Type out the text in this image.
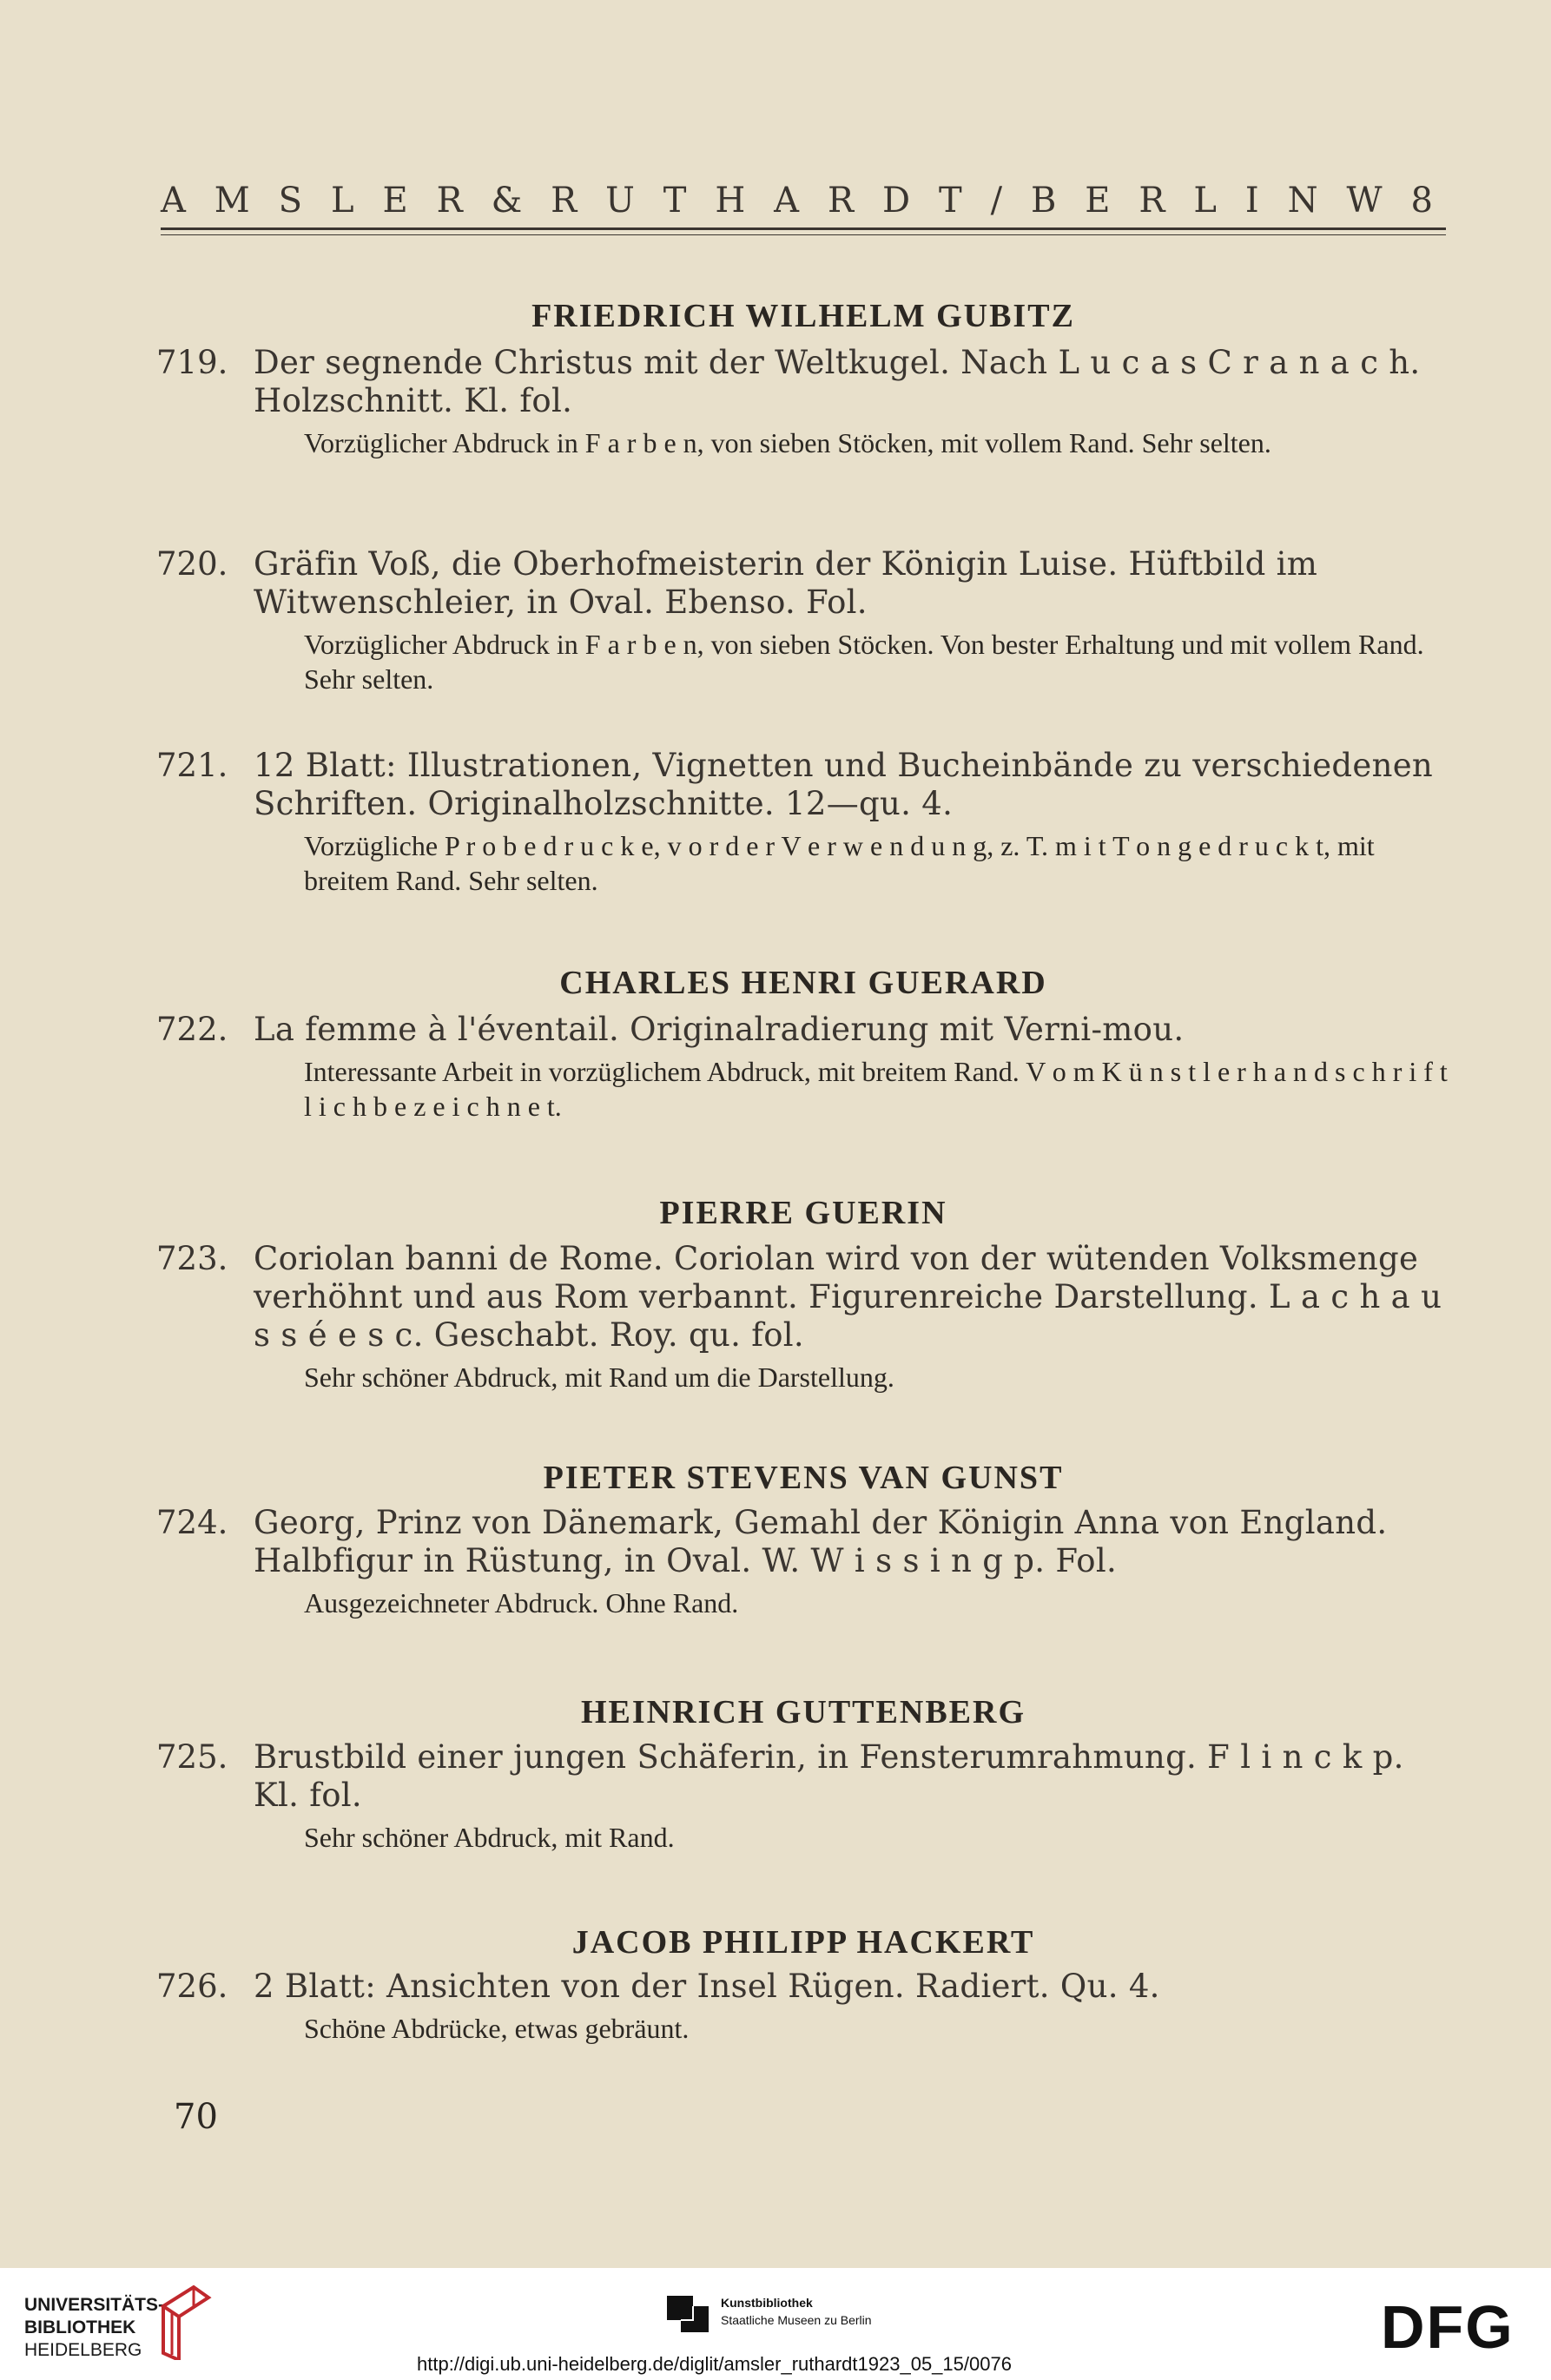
A M S L E R & R U T H A R D T / B E R L I N W 8
FRIEDRICH WILHELM GUBITZ
719. Der segnende Christus mit der Weltkugel. Nach L u c a s C r a n a c h. Holzschnitt. Kl. fol.
Vorzüglicher Abdruck in F a r b e n, von sieben Stöcken, mit vollem Rand. Sehr selten.
720. Gräfin Voß, die Oberhofmeisterin der Königin Luise. Hüftbild im Witwenschleier, in Oval. Ebenso. Fol.
Vorzüglicher Abdruck in F a r b e n, von sieben Stöcken. Von bester Erhaltung und mit vollem Rand. Sehr selten.
721. 12 Blatt: Illustrationen, Vignetten und Bucheinbände zu verschiedenen Schriften. Originalholzschnitte. 12—qu. 4.
Vorzügliche P r o b e d r u c k e, v o r d e r V e r w e n d u n g, z. T. m i t T o n g e d r u c k t, mit breitem Rand. Sehr selten.
CHARLES HENRI GUERARD
722. La femme à l'éventail. Originalradierung mit Verni-mou.
Interessante Arbeit in vorzüglichem Abdruck, mit breitem Rand. V o m K ü n s t l e r h a n d s c h r i f t l i c h b e z e i c h n e t.
PIERRE GUERIN
723. Coriolan banni de Rome. Coriolan wird von der wütenden Volksmenge verhöhnt und aus Rom verbannt. Figurenreiche Darstellung. L a c h a u s s é e s c. Geschabt. Roy. qu. fol.
Sehr schöner Abdruck, mit Rand um die Darstellung.
PIETER STEVENS VAN GUNST
724. Georg, Prinz von Dänemark, Gemahl der Königin Anna von England. Halbfigur in Rüstung, in Oval. W. W i s s i n g p. Fol.
Ausgezeichneter Abdruck. Ohne Rand.
HEINRICH GUTTENBERG
725. Brustbild einer jungen Schäferin, in Fensterumrahmung. F l i n c k p. Kl. fol.
Sehr schöner Abdruck, mit Rand.
JACOB PHILIPP HACKERT
726. 2 Blatt: Ansichten von der Insel Rügen. Radiert. Qu. 4.
Schöne Abdrücke, etwas gebräunt.
70
UNIVERSITÄTS-
BIBLIOTHEK
HEIDELBERG
Kunstbibliothek
Staatliche Museen zu Berlin	DFG
http://digi.ub.uni-heidelberg.de/diglit/amsler_ruthardt1923_05_15/0076
